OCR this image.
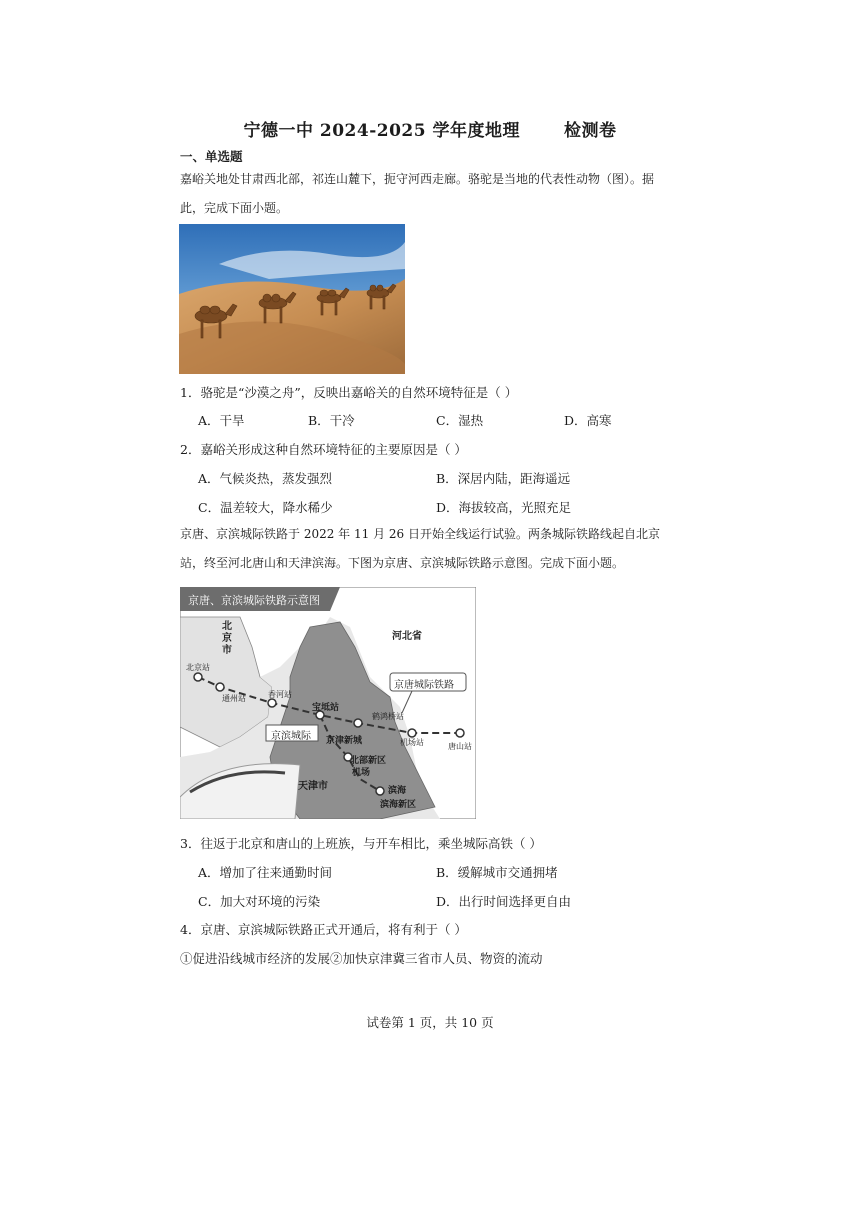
宁德一中 2024-2025 学年度地理	检测卷
一、单选题
嘉峪关地处甘肃西北部，祁连山麓下，扼守河西走廊。骆驼是当地的代表性动物（图）。据
此，完成下面小题。
1．骆驼是“沙漠之舟”，反映出嘉峪关的自然环境特征是（ ）
A．干旱	B．干冷	C．湿热	D．高寒
2．嘉峪关形成这种自然环境特征的主要原因是（ ）
A．气候炎热，蒸发强烈	B．深居内陆，距海遥远
C．温差较大，降水稀少	D．海拔较高，光照充足
京唐、京滨城际铁路于 2022 年 11 月 26 日开始全线运行试验。两条城际铁路线起自北京
站，终至河北唐山和天津滨海。下图为京唐、京滨城际铁路示意图。完成下面小题。
京唐、京滨城际铁路示意图
北
京
市
河北省
天津市
京唐城际铁路
京滨城际
北京站
通州站	香河站
宝坻站
鹤鸿桥站
机场站	唐山站
京津新城
北部新区
机场
滨海
滨海新区
3．往返于北京和唐山的上班族，与开车相比，乘坐城际高铁（ ）
A．增加了往来通勤时间	B．缓解城市交通拥堵
C．加大对环境的污染	D．出行时间选择更自由
4．京唐、京滨城际铁路正式开通后，将有利于（ ）
①促进沿线城市经济的发展②加快京津冀三省市人员、物资的流动
试卷第 1 页，共 10 页
